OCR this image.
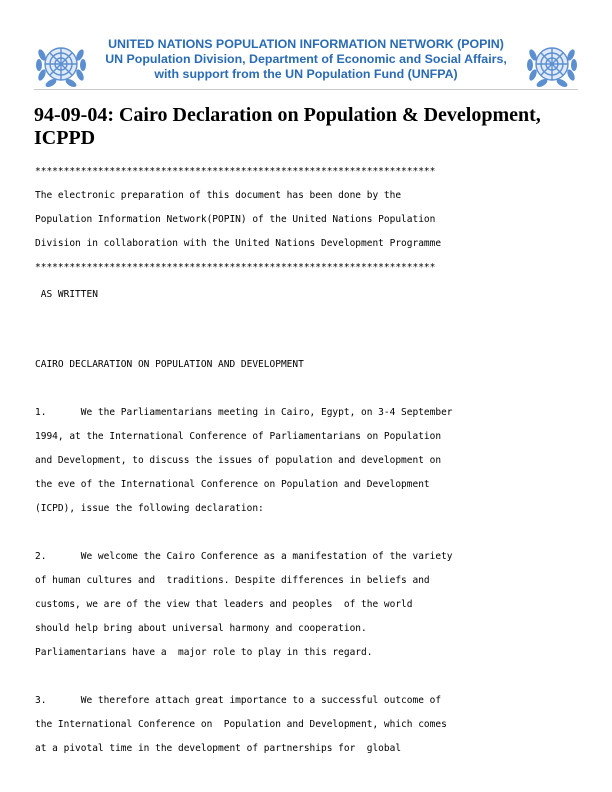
UNITED NATIONS POPULATION INFORMATION NETWORK (POPIN)
UN Population Division, Department of Economic and Social Affairs,
with support from the UN Population Fund (UNFPA)
94-09-04: Cairo Declaration on Population & Development, ICPPD
**********************************************************************
The electronic preparation of this document has been done by the
Population Information Network(POPIN) of the United Nations Population
Division in collaboration with the United Nations Development Programme
**********************************************************************
AS WRITTEN
CAIRO DECLARATION ON POPULATION AND DEVELOPMENT
1.      We the Parliamentarians meeting in Cairo, Egypt, on 3-4 September
1994, at the International Conference of Parliamentarians on Population
and Development, to discuss the issues of population and development on
the eve of the International Conference on Population and Development
(ICPD), issue the following declaration:
2.      We welcome the Cairo Conference as a manifestation of the variety
of human cultures and  traditions. Despite differences in beliefs and
customs, we are of the view that leaders and peoples  of the world
should help bring about universal harmony and cooperation.
Parliamentarians have a  major role to play in this regard.
3.      We therefore attach great importance to a successful outcome of
the International Conference on  Population and Development, which comes
at a pivotal time in the development of partnerships for  global
